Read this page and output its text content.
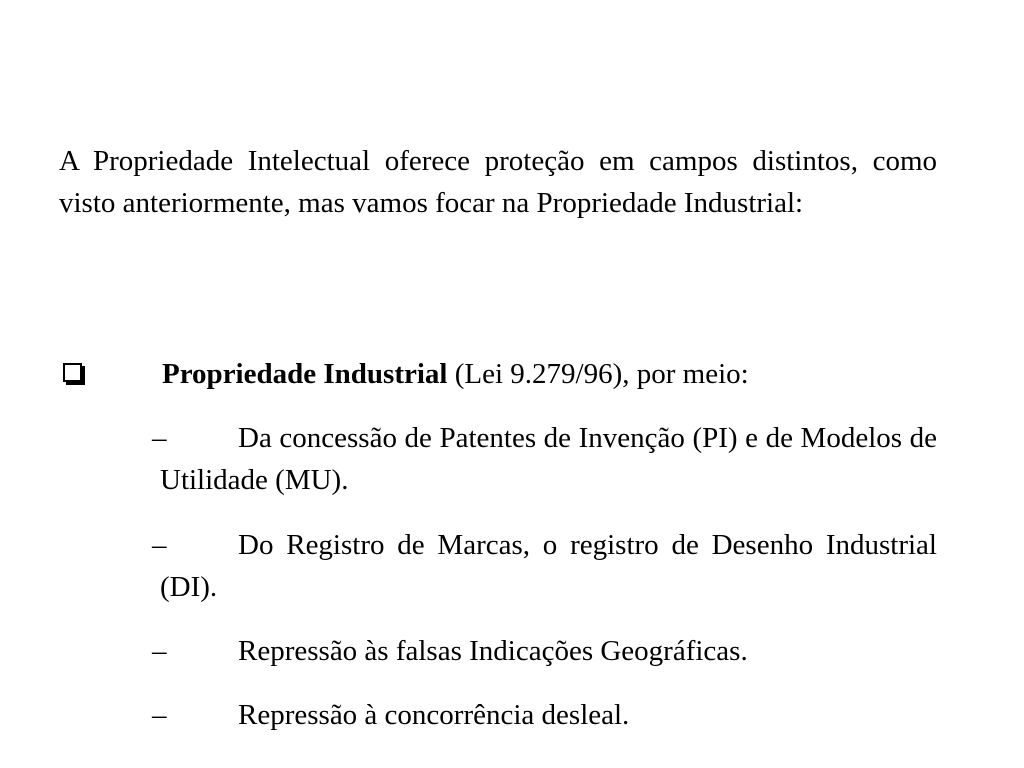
A Propriedade Intelectual oferece proteção em campos distintos, como visto anteriormente, mas vamos focar na Propriedade Industrial:

Propriedade Industrial (Lei 9.279/96), por meio:
–	Da concessão de Patentes de Invenção (PI) e de Modelos de Utilidade (MU).
–	Do Registro de Marcas, o registro de Desenho Industrial (DI).
–	Repressão às falsas Indicações Geográficas.
–	Repressão à concorrência desleal.
